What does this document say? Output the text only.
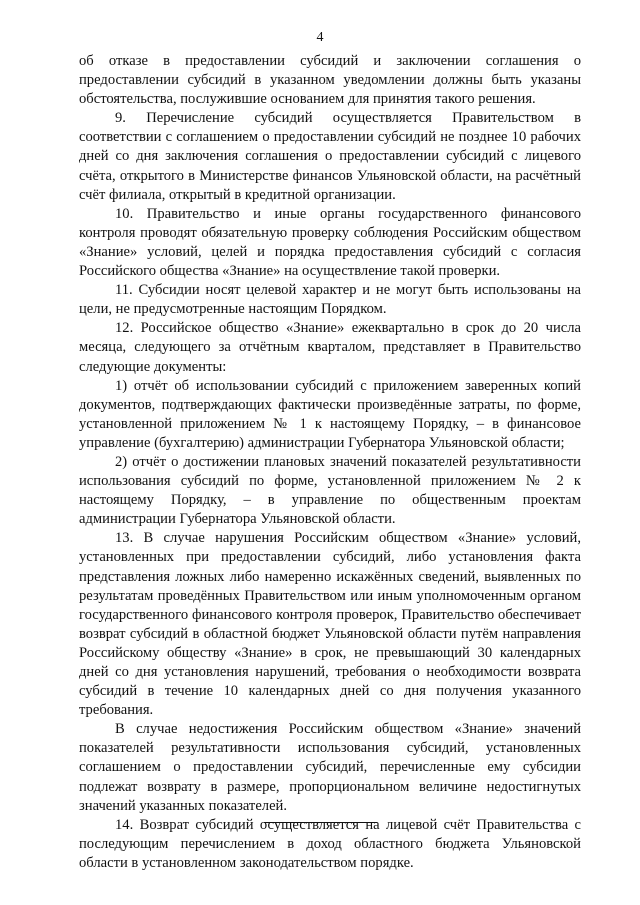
4

об отказе в предоставлении субсидий и заключении соглашения о предоставлении субсидий в указанном уведомлении должны быть указаны обстоятельства, послужившие основанием для принятия такого решения.

9. Перечисление субсидий осуществляется Правительством в соответствии с соглашением о предоставлении субсидий не позднее 10 рабочих дней со дня заключения соглашения о предоставлении субсидий с лицевого счёта, открытого в Министерстве финансов Ульяновской области, на расчётный счёт филиала, открытый в кредитной организации.

10. Правительство и иные органы государственного финансового контроля проводят обязательную проверку соблюдения Российским обществом «Знание» условий, целей и порядка предоставления субсидий с согласия Российского общества «Знание» на осуществление такой проверки.

11. Субсидии носят целевой характер и не могут быть использованы на цели, не предусмотренные настоящим Порядком.

12. Российское общество «Знание» ежеквартально в срок до 20 числа месяца, следующего за отчётным кварталом, представляет в Правительство следующие документы:

1) отчёт об использовании субсидий с приложением заверенных копий документов, подтверждающих фактически произведённые затраты, по форме, установленной приложением № 1 к настоящему Порядку, – в финансовое управление (бухгалтерию) администрации Губернатора Ульяновской области;

2) отчёт о достижении плановых значений показателей результативности использования субсидий по форме, установленной приложением № 2 к настоящему Порядку, – в управление по общественным проектам администрации Губернатора Ульяновской области.

13. В случае нарушения Российским обществом «Знание» условий, установленных при предоставлении субсидий, либо установления факта представления ложных либо намеренно искажённых сведений, выявленных по результатам проведённых Правительством или иным уполномоченным органом государственного финансового контроля проверок, Правительство обеспечивает возврат субсидий в областной бюджет Ульяновской области путём направления Российскому обществу «Знание» в срок, не превышающий 30 календарных дней со дня установления нарушений, требования о необходимости возврата субсидий в течение 10 календарных дней со дня получения указанного требования.

В случае недостижения Российским обществом «Знание» значений показателей результативности использования субсидий, установленных соглашением о предоставлении субсидий, перечисленные ему субсидии подлежат возврату в размере, пропорциональном величине недостигнутых значений указанных показателей.

14. Возврат субсидий осуществляется на лицевой счёт Правительства с последующим перечислением в доход областного бюджета Ульяновской области в установленном законодательством порядке.
